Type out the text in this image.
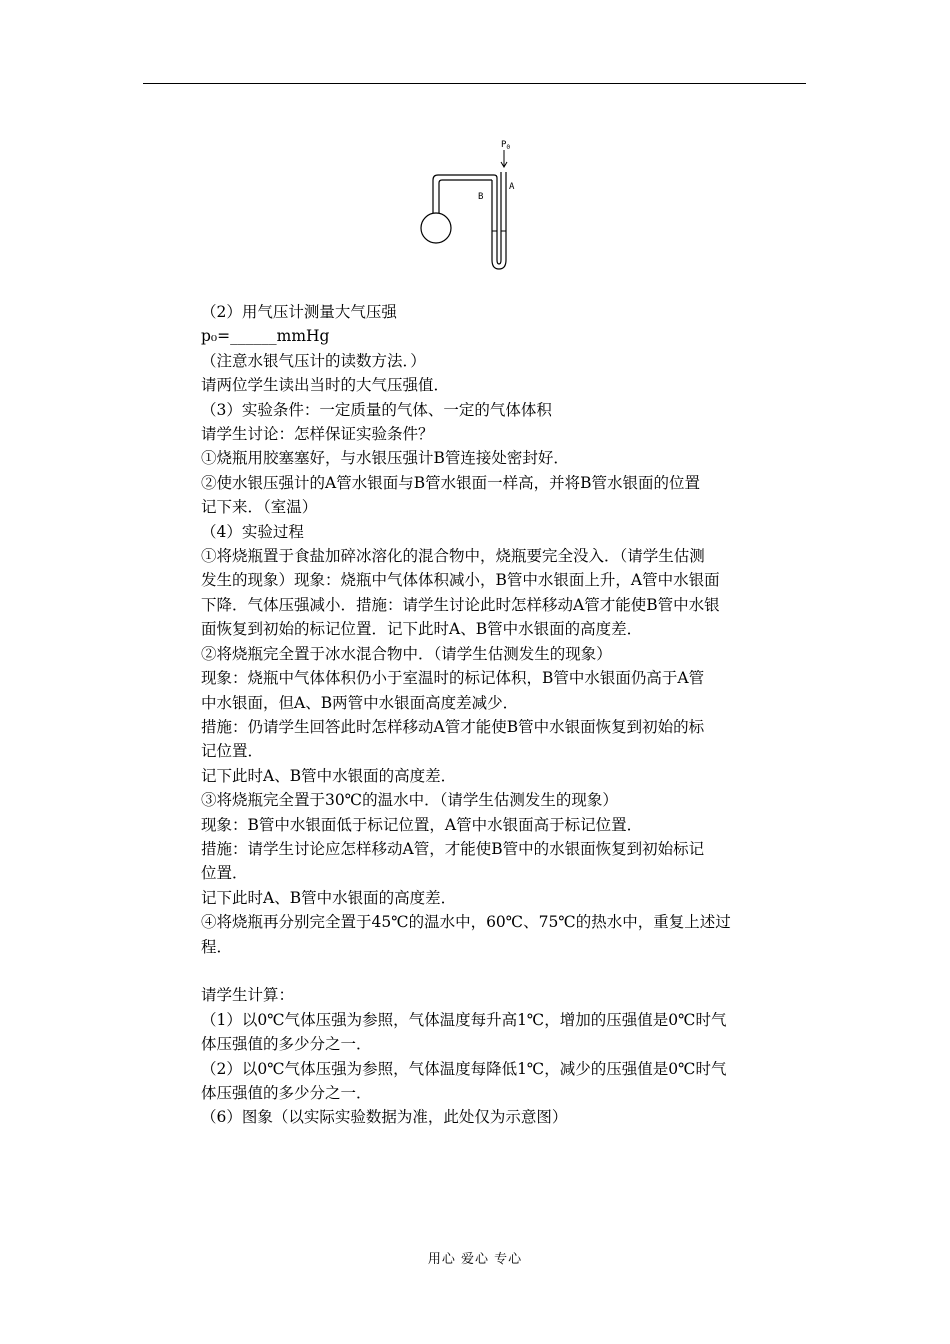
$P_0$
A
B

（2）用气压计测量大气压强

p₀=______mmHg

（注意水银气压计的读数方法．）

请两位学生读出当时的大气压强值．

（3）实验条件：一定质量的气体、一定的气体体积

请学生讨论：怎样保证实验条件？

①烧瓶用胶塞塞好，与水银压强计B管连接处密封好．

②使水银压强计的A管水银面与B管水银面一样高，并将B管水银面的位置

记下来．（室温）

（4）实验过程

①将烧瓶置于食盐加碎冰溶化的混合物中，烧瓶要完全没入．（请学生估测

发生的现象）现象：烧瓶中气体体积减小，B管中水银面上升，A管中水银面

下降．气体压强减小．措施：请学生讨论此时怎样移动A管才能使B管中水银

面恢复到初始的标记位置．记下此时A、B管中水银面的高度差．

②将烧瓶完全置于冰水混合物中．（请学生估测发生的现象）

现象：烧瓶中气体体积仍小于室温时的标记体积，B管中水银面仍高于A管

中水银面，但A、B两管中水银面高度差减少．

措施：仍请学生回答此时怎样移动A管才能使B管中水银面恢复到初始的标

记位置．

记下此时A、B管中水银面的高度差．

③将烧瓶完全置于30℃的温水中．（请学生估测发生的现象）

现象：B管中水银面低于标记位置，A管中水银面高于标记位置．

措施：请学生讨论应怎样移动A管，才能使B管中的水银面恢复到初始标记

位置．

记下此时A、B管中水银面的高度差．

④将烧瓶再分别完全置于45℃的温水中，60℃、75℃的热水中，重复上述过

程．

请学生计算：

（1）以0℃气体压强为参照，气体温度每升高1℃，增加的压强值是0℃时气

体压强值的多少分之一．

（2）以0℃气体压强为参照，气体温度每降低1℃，减少的压强值是0℃时气

体压强值的多少分之一．

（6）图象（以实际实验数据为准，此处仅为示意图）

用心 爱心 专心
